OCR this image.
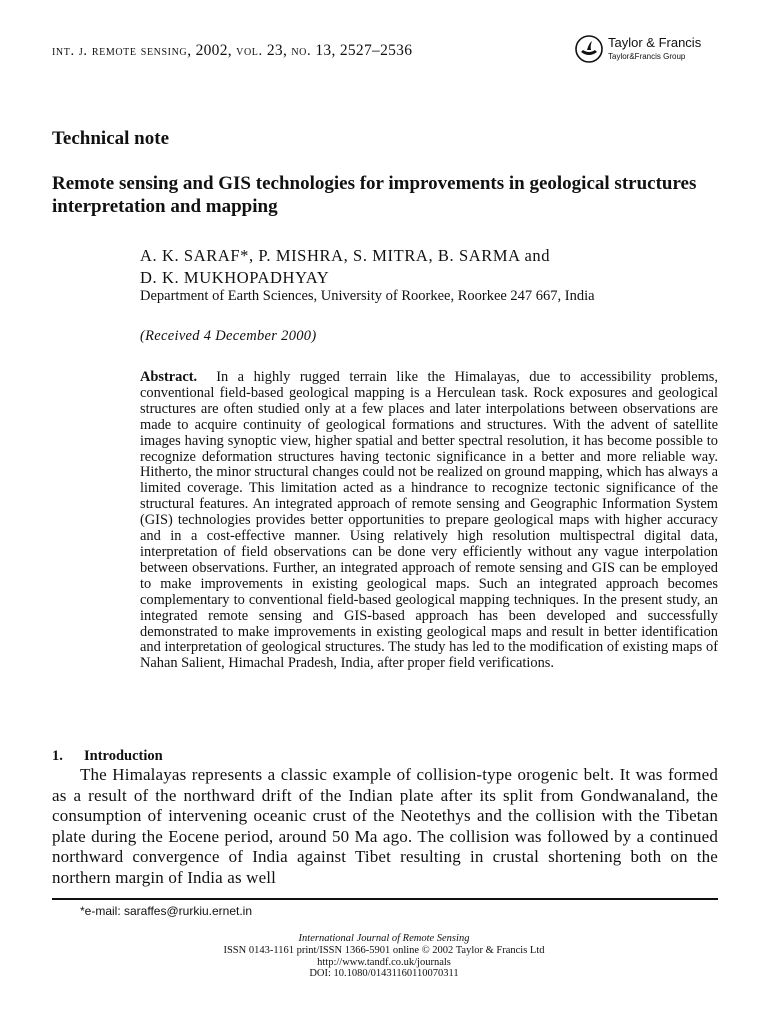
int. j. remote sensing, 2002, vol. 23, no. 13, 2527–2536	Taylor & Francis
Taylor&Francis Group
Technical note
Remote sensing and GIS technologies for improvements in geological structures interpretation and mapping
A. K. SARAF*, P. MISHRA, S. MITRA, B. SARMA and
D. K. MUKHOPADHYAY
Department of Earth Sciences, University of Roorkee, Roorkee 247 667, India
(Received 4 December 2000)
Abstract. In a highly rugged terrain like the Himalayas, due to accessibility problems, conventional field-based geological mapping is a Herculean task. Rock exposures and geological structures are often studied only at a few places and later interpolations between observations are made to acquire continuity of geological formations and structures. With the advent of satellite images having synoptic view, higher spatial and better spectral resolution, it has become possible to recognize deformation structures having tectonic significance in a better and more reliable way. Hitherto, the minor structural changes could not be realized on ground mapping, which has always a limited coverage. This limitation acted as a hindrance to recognize tectonic significance of the structural features. An integrated approach of remote sensing and Geographic Information System (GIS) technologies provides better opportunities to prepare geological maps with higher accuracy and in a cost-effective manner. Using relatively high resolution multispectral digital data, interpretation of field observations can be done very efficiently without any vague interpolation between observations. Further, an integrated approach of remote sensing and GIS can be employed to make improvements in existing geological maps. Such an integrated approach becomes complementary to conventional field-based geological mapping techniques. In the present study, an integrated remote sensing and GIS-based approach has been developed and successfully demonstrated to make improvements in existing geological maps and result in better identification and interpretation of geological structures. The study has led to the modification of existing maps of Nahan Salient, Himachal Pradesh, India, after proper field verifications.
1. Introduction
The Himalayas represents a classic example of collision-type orogenic belt. It was formed as a result of the northward drift of the Indian plate after its split from Gondwanaland, the consumption of intervening oceanic crust of the Neotethys and the collision with the Tibetan plate during the Eocene period, around 50 Ma ago. The collision was followed by a continued northward convergence of India against Tibet resulting in crustal shortening both on the northern margin of India as well
*e-mail: saraffes@rurkiu.ernet.in
International Journal of Remote Sensing
ISSN 0143-1161 print/ISSN 1366-5901 online © 2002 Taylor & Francis Ltd
http://www.tandf.co.uk/journals
DOI: 10.1080/01431160110070311
